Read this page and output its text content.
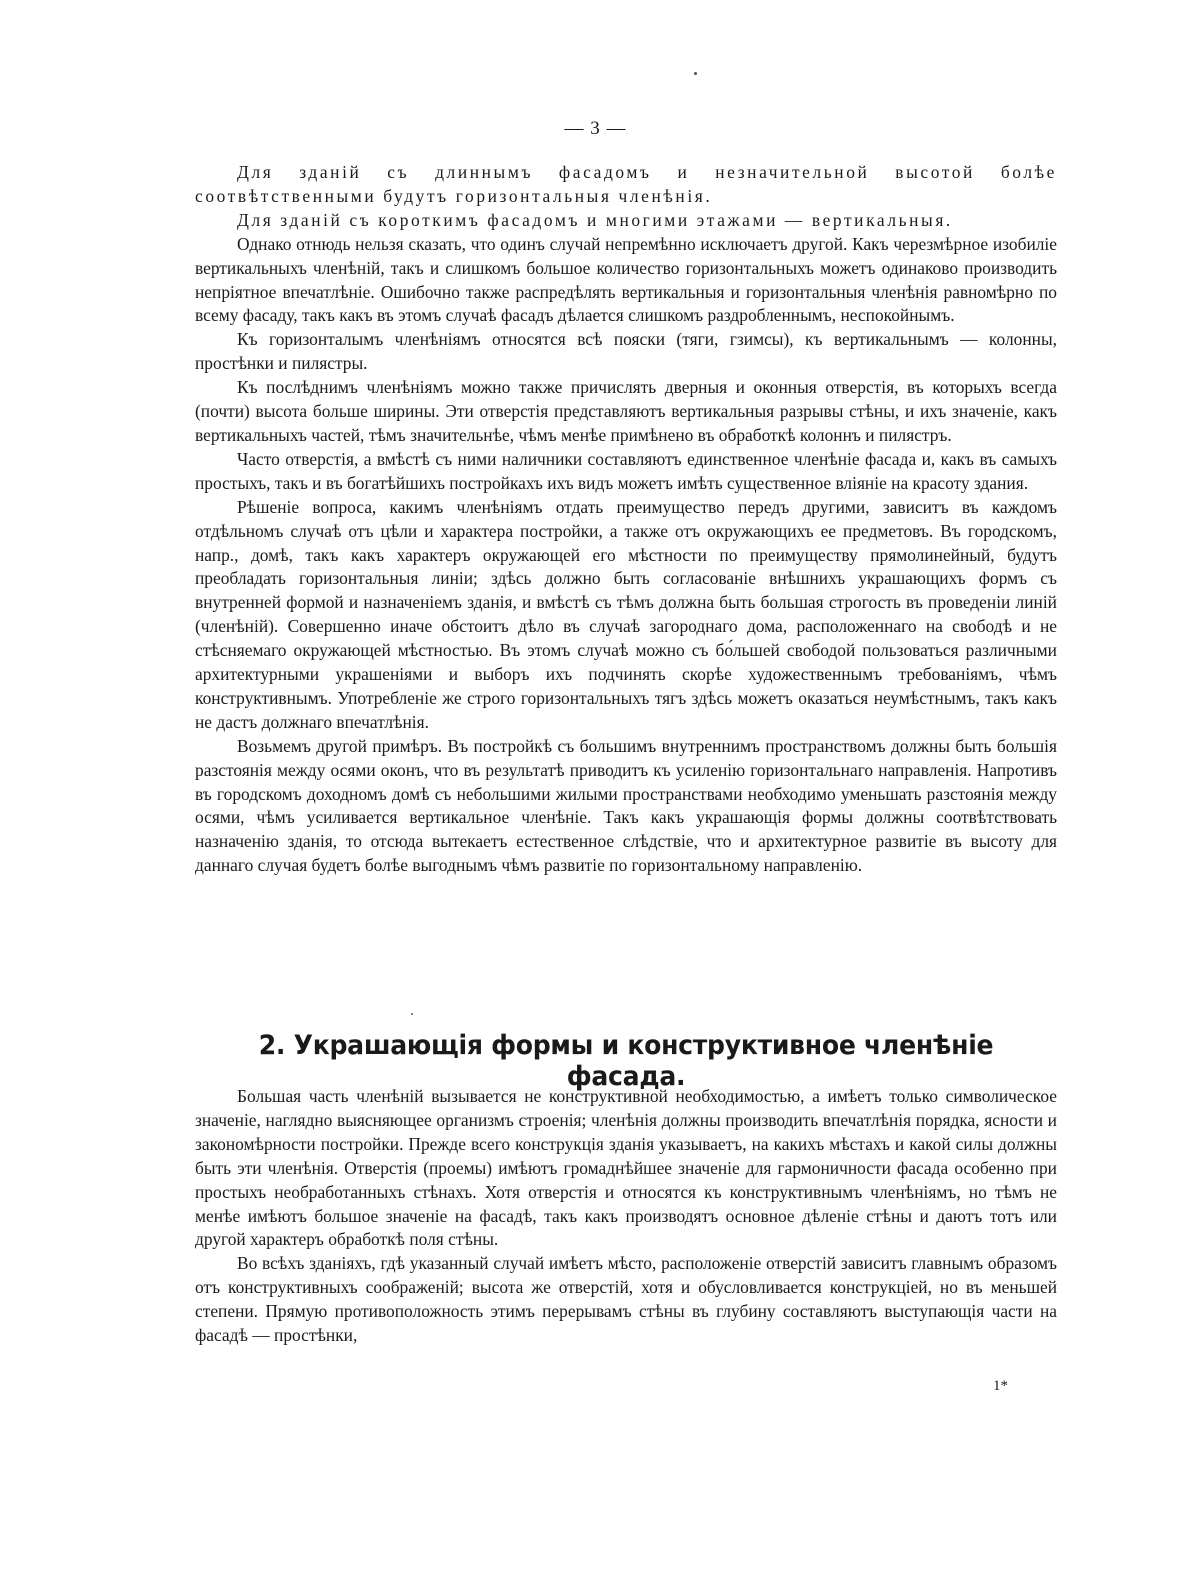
— 3 —

Для зданій съ длиннымъ фасадомъ и незначительной высотой болѣе соотвѣтственными будутъ горизонтальныя членѣнія.

Для зданій съ короткимъ фасадомъ и многими этажами — вертикальныя.

Однако отнюдь нельзя сказать, что одинъ случай непремѣнно исключаетъ другой. Какъ черезмѣрное изобиліе вертикальныхъ членѣній, такъ и слишкомъ большое количество горизонтальныхъ можетъ одинаково производить непріятное впечатлѣніе. Ошибочно также распредѣлять вертикальныя и горизонтальныя членѣнія равномѣрно по всему фасаду, такъ какъ въ этомъ случаѣ фасадъ дѣлается слишкомъ раздробленнымъ, неспокойнымъ.

Къ горизонталымъ членѣніямъ относятся всѣ пояски (тяги, гзимсы), къ вертикальнымъ — колонны, простѣнки и пилястры.

Къ послѣднимъ членѣніямъ можно также причислять дверныя и оконныя отверстія, въ которыхъ всегда (почти) высота больше ширины. Эти отверстія представляютъ вертикальныя разрывы стѣны, и ихъ значеніе, какъ вертикальныхъ частей, тѣмъ значительнѣе, чѣмъ менѣе примѣнено въ обработкѣ колоннъ и пилястръ.

Часто отверстія, а вмѣстѣ съ ними наличники составляютъ единственное членѣніе фасада и, какъ въ самыхъ простыхъ, такъ и въ богатѣйшихъ постройкахъ ихъ видъ можетъ имѣть существенное вліяніе на красоту здания.

Рѣшеніе вопроса, какимъ членѣніямъ отдать преимущество передъ другими, зависитъ въ каждомъ отдѣльномъ случаѣ отъ цѣли и характера постройки, а также отъ окружающихъ ее предметовъ. Въ городскомъ, напр., домѣ, такъ какъ характеръ окружающей его мѣстности по преимуществу прямолинейный, будутъ преобладать горизонтальныя линіи; здѣсь должно быть согласованіе внѣшнихъ украшающихъ формъ съ внутренней формой и назначеніемъ зданія, и вмѣстѣ съ тѣмъ должна быть большая строгость въ проведеніи линій (членѣній). Совершенно иначе обстоитъ дѣло въ случаѣ загороднаго дома, расположеннаго на свободѣ и не стѣсняемаго окружающей мѣстностью. Въ этомъ случаѣ можно съ бо́льшей свободой пользоваться различными архитектурными украшеніями и выборъ ихъ подчинять скорѣе художественнымъ требованіямъ, чѣмъ конструктивнымъ. Употребленіе же строго горизонтальныхъ тягъ здѣсь можетъ оказаться неумѣстнымъ, такъ какъ не дастъ должнаго впечатлѣнія.

Возьмемъ другой примѣръ. Въ постройкѣ съ большимъ внутреннимъ пространствомъ должны быть большія разстоянія между осями оконъ, что въ результатѣ приводитъ къ усиленію горизонтальнаго направленія. Напротивъ въ городскомъ доходномъ домѣ съ небольшими жилыми пространствами необходимо уменьшать разстоянія между осями, чѣмъ усиливается вертикальное членѣніе. Такъ какъ украшающія формы должны соотвѣтствовать назначенію зданія, то отсюда вытекаетъ естественное слѣдствіе, что и архитектурное развитіе въ высоту для даннаго случая будетъ болѣе выгоднымъ чѣмъ развитіе по горизонтальному направленію.

2. Украшающія формы и конструктивное членѣніе фасада.

Большая часть членѣній вызывается не конструктивной необходимостью, а имѣетъ только символическое значеніе, наглядно выясняющее организмъ строенія; членѣнія должны производить впечатлѣнія порядка, ясности и закономѣрности постройки. Прежде всего конструкція зданія указываетъ, на какихъ мѣстахъ и какой силы должны быть эти членѣнія. Отверстія (проемы) имѣютъ громаднѣйшее значеніе для гармоничности фасада особенно при простыхъ необработанныхъ стѣнахъ. Хотя отверстія и относятся къ конструктивнымъ членѣніямъ, но тѣмъ не менѣе имѣютъ большое значеніе на фасадѣ, такъ какъ производятъ основное дѣленіе стѣны и даютъ тотъ или другой характеръ обработкѣ поля стѣны.

Во всѣхъ зданіяхъ, гдѣ указанный случай имѣетъ мѣсто, расположеніе отверстій зависитъ главнымъ образомъ отъ конструктивныхъ соображеній; высота же отверстій, хотя и обусловливается конструкціей, но въ меньшей степени. Прямую противоположность этимъ перерывамъ стѣны въ глубину составляютъ выступающія части на фасадѣ — простѣнки,

1*
